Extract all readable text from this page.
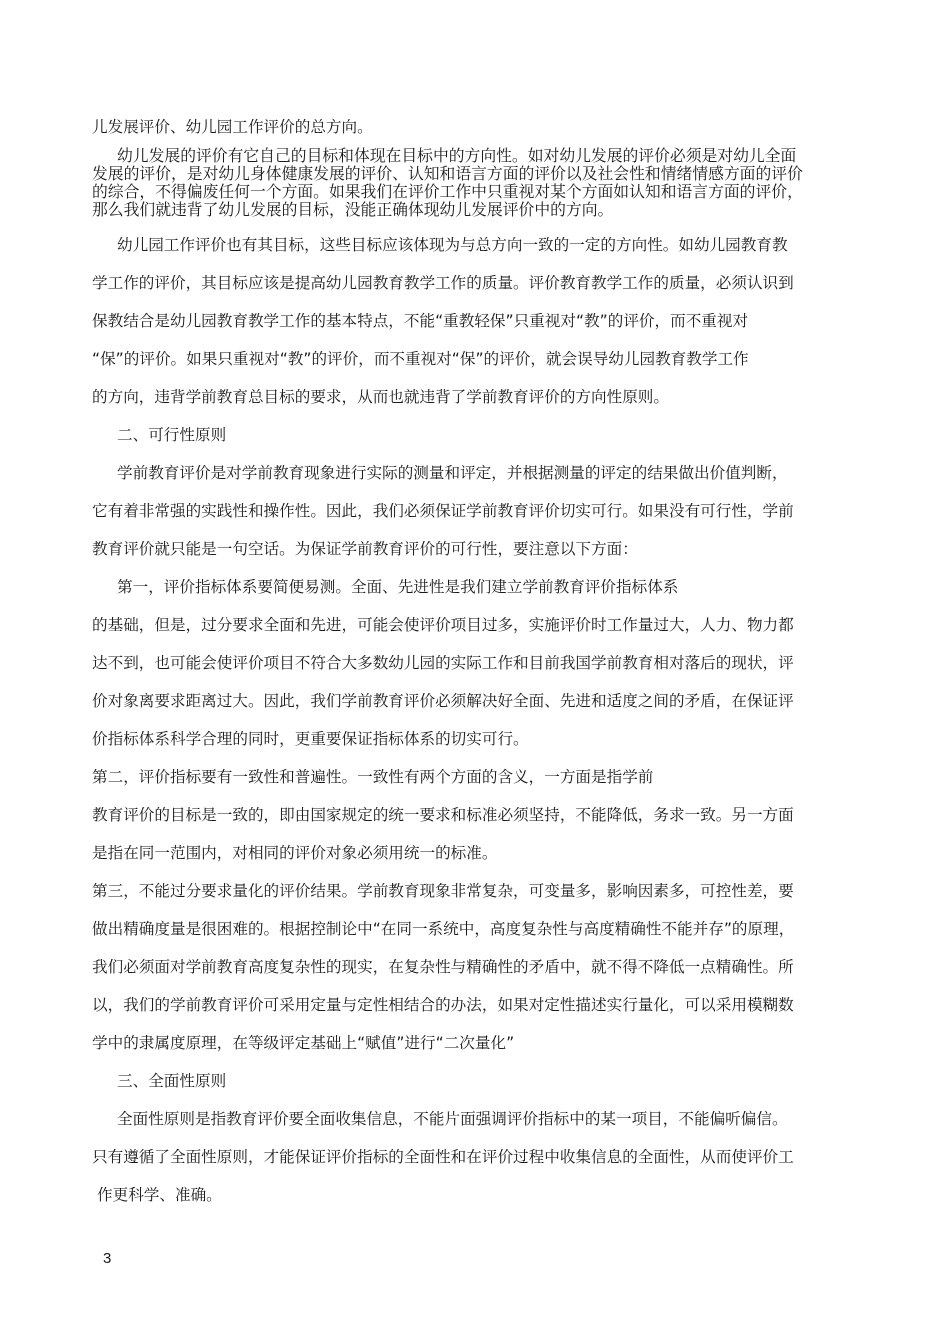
儿发展评价、幼儿园工作评价的总方向。
幼儿发展的评价有它自己的目标和体现在目标中的方向性。如对幼儿发展的评价必须是对幼儿全面
发展的评价，是对幼儿身体健康发展的评价、认知和语言方面的评价以及社会性和情绪情感方面的评价
的综合，不得偏废任何一个方面。如果我们在评价工作中只重视对某个方面如认知和语言方面的评价，
那么我们就违背了幼儿发展的目标，没能正确体现幼儿发展评价中的方向。
幼儿园工作评价也有其目标，这些目标应该体现为与总方向一致的一定的方向性。如幼儿园教育教
学工作的评价，其目标应该是提高幼儿园教育教学工作的质量。评价教育教学工作的质量，必须认识到
保教结合是幼儿园教育教学工作的基本特点，不能“重教轻保”只重视对“教”的评价，而不重视对
“保”的评价。如果只重视对“教”的评价，而不重视对“保”的评价，就会误导幼儿园教育教学工作
的方向，违背学前教育总目标的要求，从而也就违背了学前教育评价的方向性原则。
二、可行性原则
学前教育评价是对学前教育现象进行实际的测量和评定，并根据测量的评定的结果做出价值判断，
它有着非常强的实践性和操作性。因此，我们必须保证学前教育评价切实可行。如果没有可行性，学前
教育评价就只能是一句空话。为保证学前教育评价的可行性，要注意以下方面：
第一，评价指标体系要简便易测。全面、先进性是我们建立学前教育评价指标体系
的基础，但是，过分要求全面和先进，可能会使评价项目过多，实施评价时工作量过大，人力、物力都
达不到，也可能会使评价项目不符合大多数幼儿园的实际工作和目前我国学前教育相对落后的现状，评
价对象离要求距离过大。因此，我们学前教育评价必须解决好全面、先进和适度之间的矛盾，在保证评
价指标体系科学合理的同时，更重要保证指标体系的切实可行。
第二，评价指标要有一致性和普遍性。一致性有两个方面的含义，一方面是指学前
教育评价的目标是一致的，即由国家规定的统一要求和标准必须坚持，不能降低，务求一致。另一方面
是指在同一范围内，对相同的评价对象必须用统一的标准。
第三，不能过分要求量化的评价结果。学前教育现象非常复杂，可变量多，影响因素多，可控性差，要
做出精确度量是很困难的。根据控制论中“在同一系统中，高度复杂性与高度精确性不能并存”的原理，
我们必须面对学前教育高度复杂性的现实，在复杂性与精确性的矛盾中，就不得不降低一点精确性。所
以，我们的学前教育评价可采用定量与定性相结合的办法，如果对定性描述实行量化，可以采用模糊数
学中的隶属度原理，在等级评定基础上“赋值”进行“二次量化”
三、全面性原则
全面性原则是指教育评价要全面收集信息，不能片面强调评价指标中的某一项目，不能偏听偏信。
只有遵循了全面性原则，才能保证评价指标的全面性和在评价过程中收集信息的全面性，从而使评价工
作更科学、准确。
3
